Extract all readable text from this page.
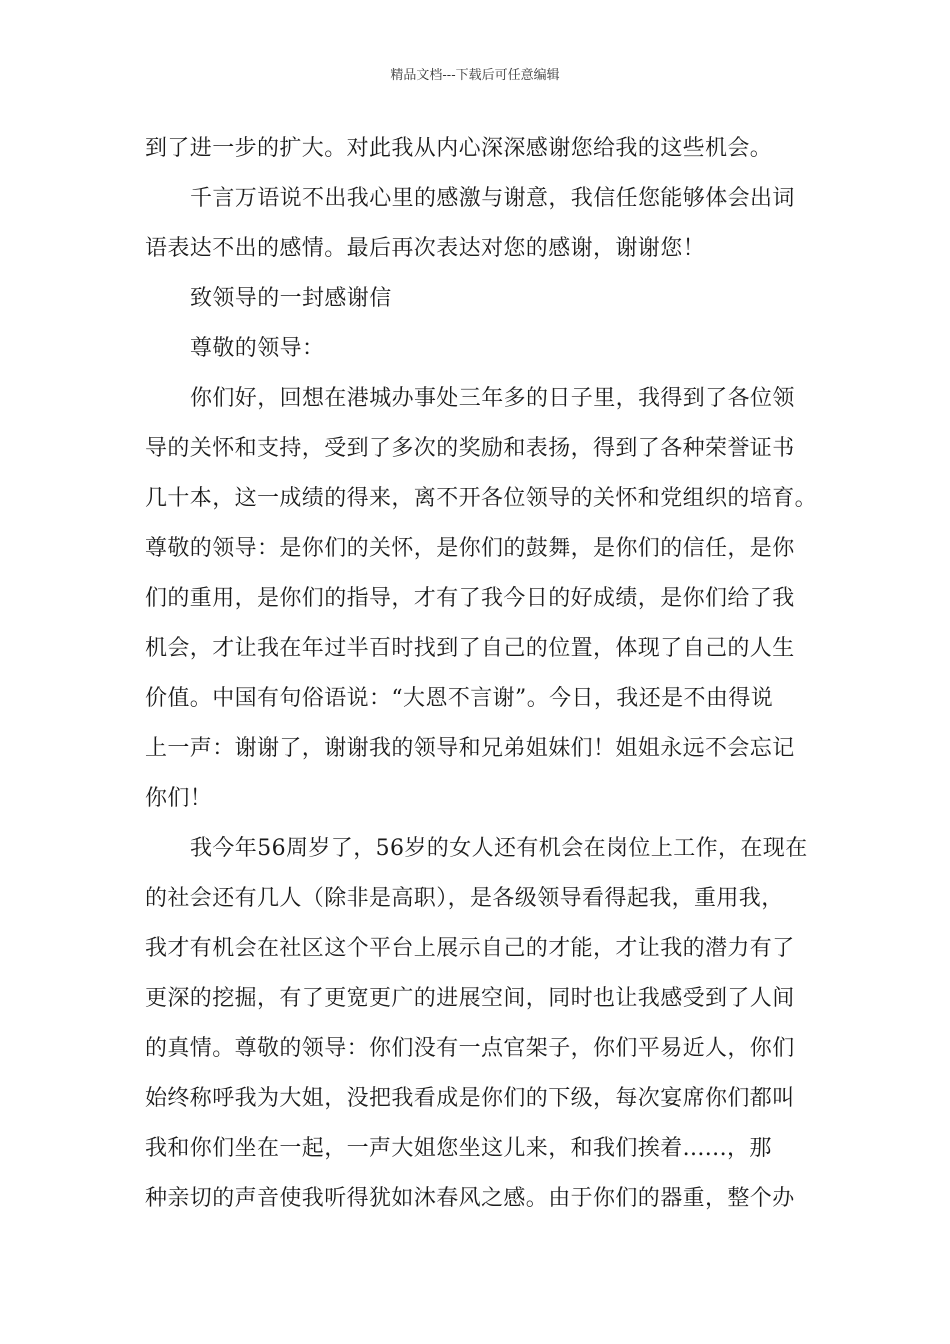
精品文档---下载后可任意编辑
到了进一步的扩大。对此我从内心深深感谢您给我的这些机会。
千言万语说不出我心里的感激与谢意，我信任您能够体会出词
语表达不出的感情。最后再次表达对您的感谢，谢谢您！
致领导的一封感谢信
尊敬的领导：
你们好，回想在港城办事处三年多的日子里，我得到了各位领
导的关怀和支持，受到了多次的奖励和表扬，得到了各种荣誉证书
几十本，这一成绩的得来，离不开各位领导的关怀和党组织的培育。
尊敬的领导：是你们的关怀，是你们的鼓舞，是你们的信任，是你
们的重用，是你们的指导，才有了我今日的好成绩，是你们给了我
机会，才让我在年过半百时找到了自己的位置，体现了自己的人生
价值。中国有句俗语说：“大恩不言谢”。今日，我还是不由得说
上一声：谢谢了，谢谢我的领导和兄弟姐妹们！姐姐永远不会忘记
你们！
我今年56周岁了，56岁的女人还有机会在岗位上工作，在现在
的社会还有几人（除非是高职），是各级领导看得起我，重用我，
我才有机会在社区这个平台上展示自己的才能，才让我的潜力有了
更深的挖掘，有了更宽更广的进展空间，同时也让我感受到了人间
的真情。尊敬的领导：你们没有一点官架子，你们平易近人，你们
始终称呼我为大姐，没把我看成是你们的下级，每次宴席你们都叫
我和你们坐在一起，一声大姐您坐这儿来，和我们挨着......，那
种亲切的声音使我听得犹如沐春风之感。由于你们的器重，整个办
